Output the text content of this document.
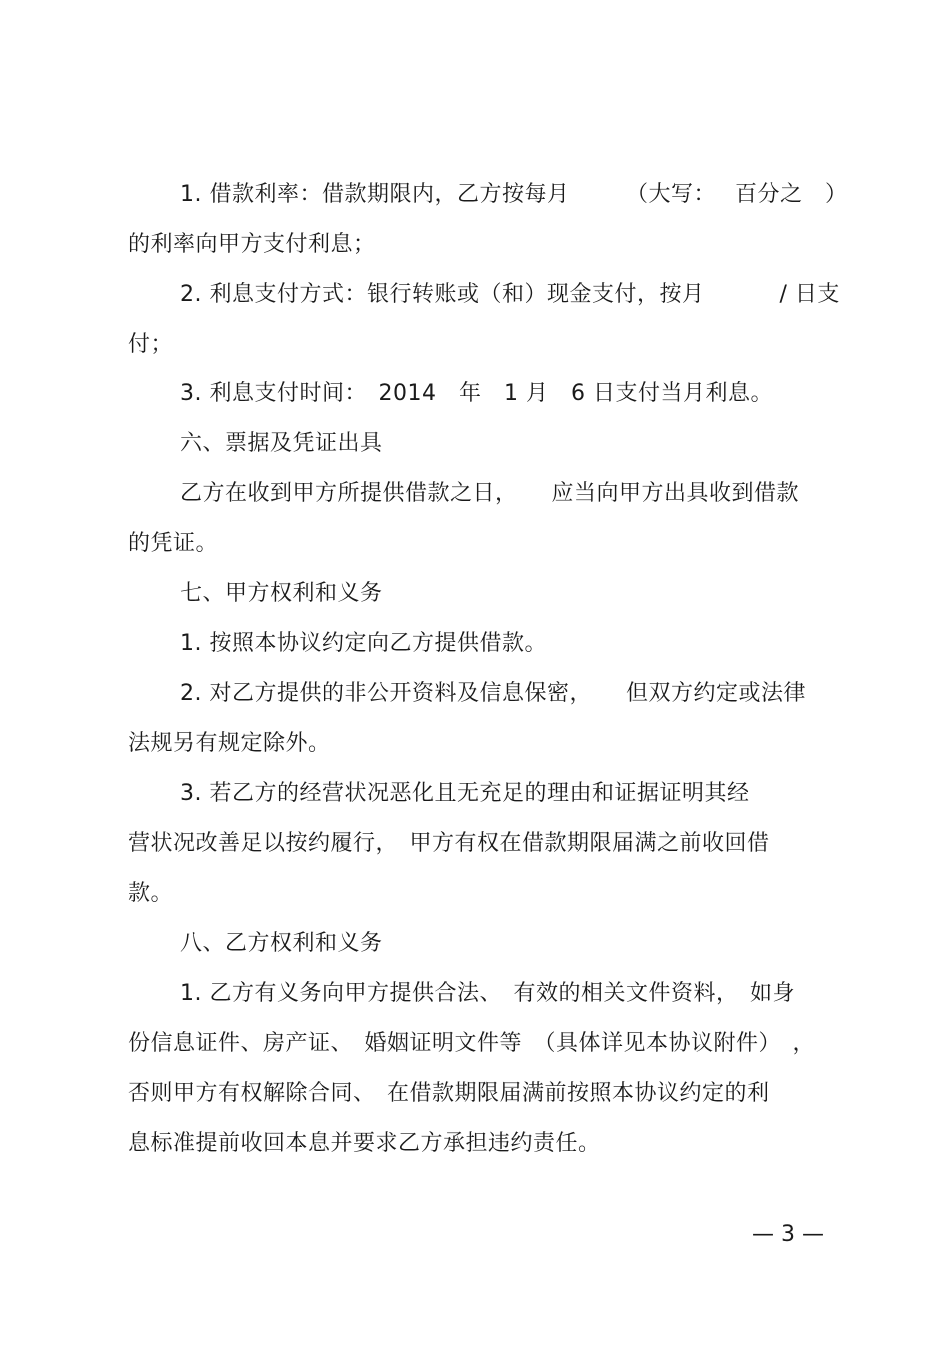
1. 借款利率：借款期限内，乙方按每月　　　（大写：　 百分之　）
的利率向甲方支付利息；
2. 利息支付方式：银行转账或（和）现金支付，按月　　　 / 日支
付；
3. 利息支付时间：　2014　年　1 月　6 日支付当月利息。
六、票据及凭证出具
乙方在收到甲方所提供借款之日，　　应当向甲方出具收到借款
的凭证。
七、甲方权利和义务
1. 按照本协议约定向乙方提供借款。
2. 对乙方提供的非公开资料及信息保密，　　但双方约定或法律
法规另有规定除外。
3. 若乙方的经营状况恶化且无充足的理由和证据证明其经
营状况改善足以按约履行，　甲方有权在借款期限届满之前收回借
款。
八、乙方权利和义务
1. 乙方有义务向甲方提供合法、　有效的相关文件资料，　如身
份信息证件、房产证、　婚姻证明文件等　（具体详见本协议附件）　，
否则甲方有权解除合同、　在借款期限届满前按照本协议约定的利
息标准提前收回本息并要求乙方承担违约责任。
— 3 —
